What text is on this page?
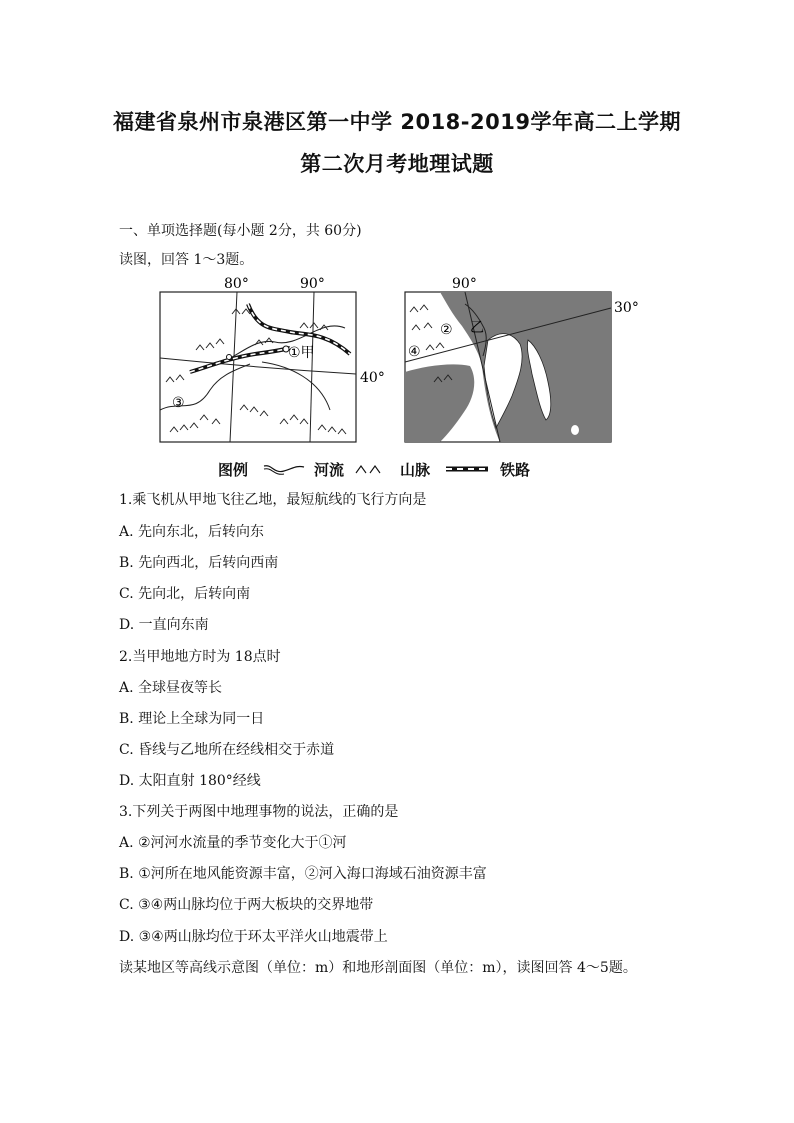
福建省泉州市泉港区第一中学 2018-2019学年高二上学期
第二次月考地理试题
一、单项选择题(每小题 2分，共 60分)
读图，回答 1～3题。
80°	90°
40°
①甲
③
90°
30°
② 乙
④
图例	河流	山脉	铁路
1.乘飞机从甲地飞往乙地，最短航线的飞行方向是
A. 先向东北，后转向东
B. 先向西北，后转向西南
C. 先向北，后转向南
D. 一直向东南
2.当甲地地方时为 18点时
A. 全球昼夜等长
B. 理论上全球为同一日
C. 昏线与乙地所在经线相交于赤道
D. 太阳直射 180°经线
3.下列关于两图中地理事物的说法，正确的是
A. ②河河水流量的季节变化大于①河
B. ①河所在地风能资源丰富，②河入海口海域石油资源丰富
C. ③④两山脉均位于两大板块的交界地带
D. ③④两山脉均位于环太平洋火山地震带上
读某地区等高线示意图（单位：m）和地形剖面图（单位：m），读图回答 4～5题。
